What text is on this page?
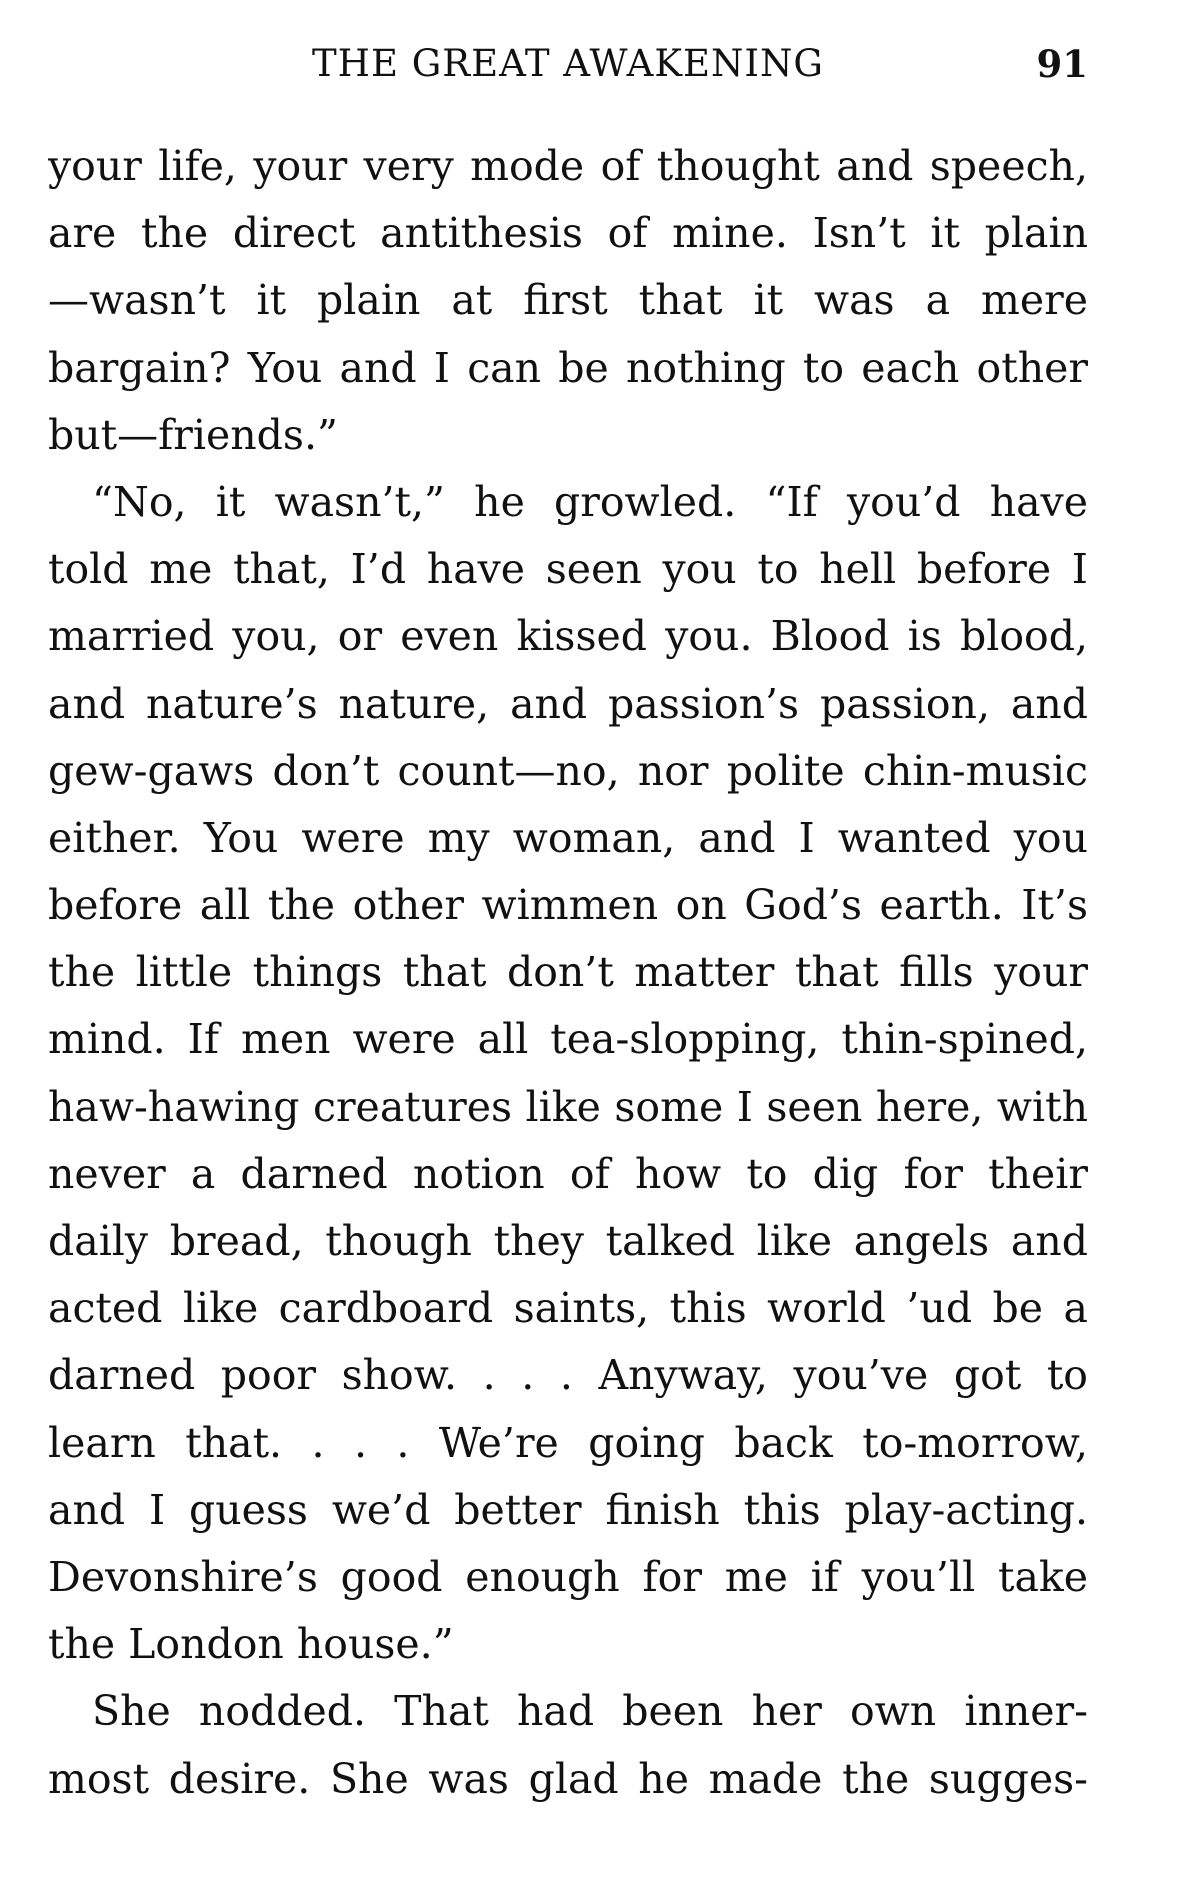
THE GREAT AWAKENING	91
your life, your very mode of thought and speech,
are the direct antithesis of mine. Isn’t it plain
—wasn’t it plain at first that it was a mere
bargain? You and I can be nothing to each other
but—friends.”
“No, it wasn’t,” he growled. “If you’d have
told me that, I’d have seen you to hell before I
married you, or even kissed you. Blood is blood,
and nature’s nature, and passion’s passion, and
gew-gaws don’t count—no, nor polite chin-music
either. You were my woman, and I wanted you
before all the other wimmen on God’s earth. It’s
the little things that don’t matter that fills your
mind. If men were all tea-slopping, thin-spined,
haw-hawing creatures like some I seen here, with
never a darned notion of how to dig for their
daily bread, though they talked like angels and
acted like cardboard saints, this world ’ud be a
darned poor show. . . . Anyway, you’ve got to
learn that. . . . We’re going back to-morrow,
and I guess we’d better finish this play-acting.
Devonshire’s good enough for me if you’ll take
the London house.”
She nodded. That had been her own inner-
most desire. She was glad he made the sugges-
